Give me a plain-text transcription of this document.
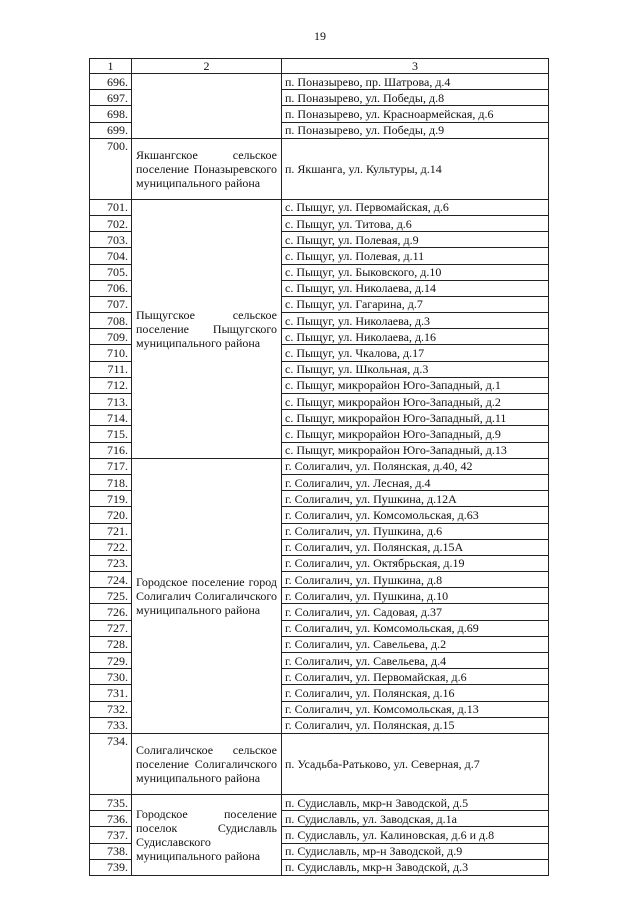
19
1	2	3
696.		п. Поназырево, пр. Шатрова, д.4
697.		п. Поназырево, ул. Победы, д.8
698.		п. Поназырево, ул. Красноармейская, д.6
699.		п. Поназырево, ул. Победы, д.9
700.	Якшангское сельское поселение Поназыревского муниципального района	п. Якшанга, ул. Культуры, д.14
701.	Пыщугское сельское поселение Пыщугского муниципального района	с. Пыщуг, ул. Первомайская, д.6
702.		с. Пыщуг, ул. Титова, д.6
703.		с. Пыщуг, ул. Полевая, д.9
704.		с. Пыщуг, ул. Полевая, д.11
705.		с. Пыщуг, ул. Быковского, д.10
706.		с. Пыщуг, ул. Николаева, д.14
707.		с. Пыщуг, ул. Гагарина, д.7
708.		с. Пыщуг, ул. Николаева, д.3
709.		с. Пыщуг, ул. Николаева, д.16
710.		с. Пыщуг, ул. Чкалова, д.17
711.		с. Пыщуг, ул. Школьная, д.3
712.		с. Пыщуг, микрорайон Юго-Западный, д.1
713.		с. Пыщуг, микрорайон Юго-Западный, д.2
714.		с. Пыщуг, микрорайон Юго-Западный, д.11
715.		с. Пыщуг, микрорайон Юго-Западный, д.9
716.		с. Пыщуг, микрорайон Юго-Западный, д.13
717.	Городское поселение город Солигалич Солигаличского муниципального района	г. Солигалич, ул. Полянская, д.40, 42
718.		г. Солигалич, ул. Лесная, д.4
719.		г. Солигалич, ул. Пушкина, д.12А
720.		г. Солигалич, ул. Комсомольская, д.63
721.		г. Солигалич, ул. Пушкина, д.6
722.		г. Солигалич, ул. Полянская, д.15А
723.		г. Солигалич, ул. Октябрьская, д.19
724.		г. Солигалич, ул. Пушкина, д.8
725.		г. Солигалич, ул. Пушкина, д.10
726.		г. Солигалич, ул. Садовая, д.37
727.		г. Солигалич, ул. Комсомольская, д.69
728.		г. Солигалич, ул. Савельева, д.2
729.		г. Солигалич, ул. Савельева, д.4
730.		г. Солигалич, ул. Первомайская, д.6
731.		г. Солигалич, ул. Полянская, д.16
732.		г. Солигалич, ул. Комсомольская, д.13
733.		г. Солигалич, ул. Полянская, д.15
734.	Солигаличское сельское поселение Солигаличского муниципального района	п. Усадьба-Ратьково, ул. Северная, д.7
735.	Городское поселение поселок Судиславль Судиславского муниципального района	п. Судиславль, мкр-н Заводской, д.5
736.		п. Судиславль, ул. Заводская, д.1а
737.		п. Судиславль, ул. Калиновская, д.6 и д.8
738.		п. Судиславль, мр-н Заводской, д.9
739.		п. Судиславль, мкр-н Заводской, д.3
